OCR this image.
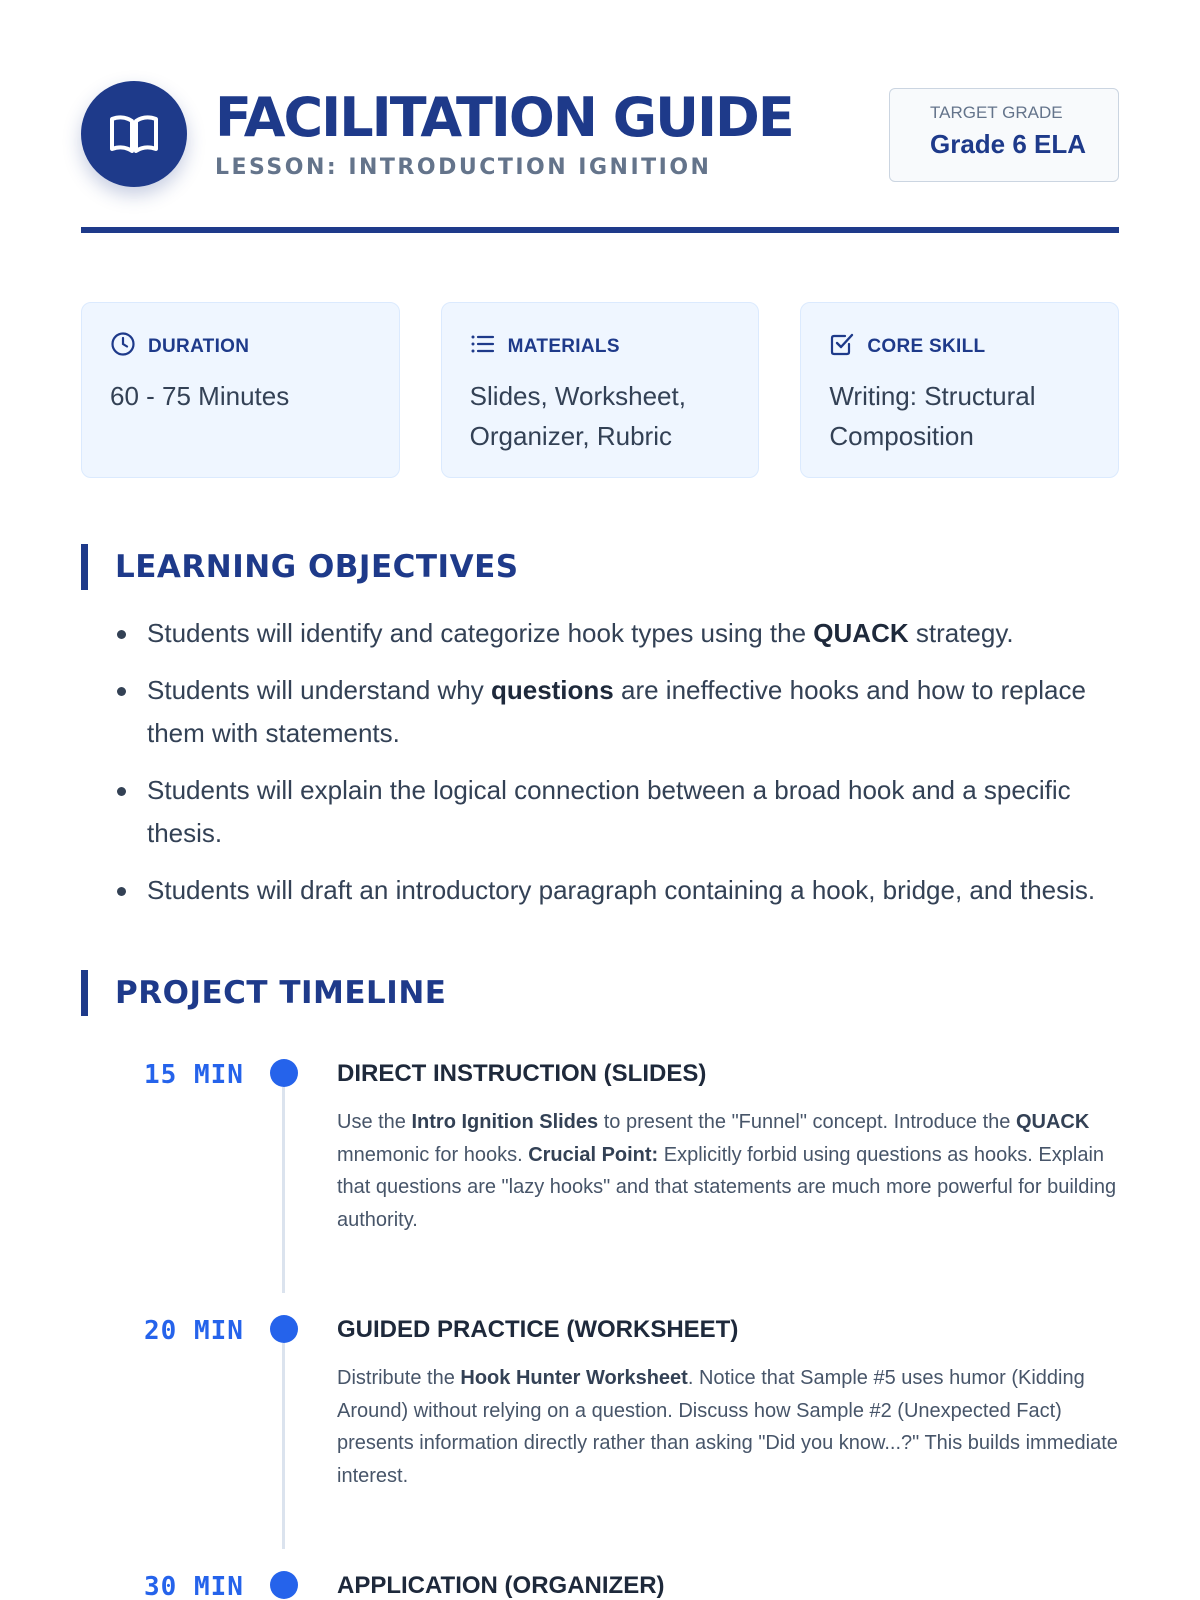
FACILITATION GUIDE
LESSON: INTRODUCTION IGNITION
TARGET GRADE
Grade 6 ELA
DURATION
60 - 75 Minutes
MATERIALS
Slides, Worksheet, Organizer, Rubric
CORE SKILL
Writing: Structural Composition
LEARNING OBJECTIVES
Students will identify and categorize hook types using the QUACK strategy.
Students will understand why questions are ineffective hooks and how to replace them with statements.
Students will explain the logical connection between a broad hook and a specific thesis.
Students will draft an introductory paragraph containing a hook, bridge, and thesis.
PROJECT TIMELINE
15 MIN	DIRECT INSTRUCTION (SLIDES)
Use the Intro Ignition Slides to present the "Funnel" concept. Introduce the QUACK mnemonic for hooks. Crucial Point: Explicitly forbid using questions as hooks. Explain that questions are "lazy hooks" and that statements are much more powerful for building authority.
20 MIN	GUIDED PRACTICE (WORKSHEET)
Distribute the Hook Hunter Worksheet. Notice that Sample #5 uses humor (Kidding Around) without relying on a question. Discuss how Sample #2 (Unexpected Fact) presents information directly rather than asking "Did you know...?" This builds immediate interest.
30 MIN	APPLICATION (ORGANIZER)
